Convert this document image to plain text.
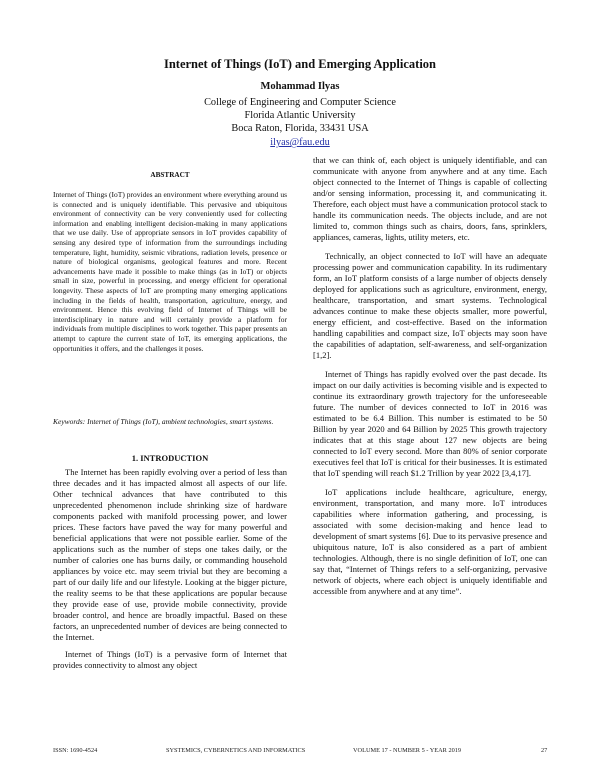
Internet of Things (IoT) and Emerging Application
Mohammad Ilyas
College of Engineering and Computer Science
Florida Atlantic University
Boca Raton, Florida, 33431 USA
ilyas@fau.edu
ABSTRACT
Internet of Things (IoT) provides an environment where everything around us is connected and is uniquely identifiable. This pervasive and ubiquitous environment of connectivity can be very conveniently used for collecting information and enabling intelligent decision-making in many applications that we use daily. Use of appropriate sensors in IoT provides capability of sensing any desired type of information from the surroundings including temperature, light, humidity, seismic vibrations, radiation levels, presence or nature of biological organisms, geological features and more. Recent advancements have made it possible to make things (as in IoT) or objects small in size, powerful in processing, and energy efficient for operational longevity. These aspects of IoT are prompting many emerging applications including in the fields of health, transportation, agriculture, energy, and environment. Hence this evolving field of Internet of Things will be interdisciplinary in nature and will certainly provide a platform for individuals from multiple disciplines to work together. This paper presents an attempt to capture the current state of IoT, its emerging applications, the opportunities it offers, and the challenges it poses.
Keywords: Internet of Things (IoT), ambient technologies, smart systems.
1. INTRODUCTION

The Internet has been rapidly evolving over a period of less than three decades and it has impacted almost all aspects of our life. Other technical advances that have contributed to this unprecedented phenomenon include shrinking size of hardware components packed with manifold processing power, and lower prices. These factors have paved the way for many powerful and beneficial applications that were not possible earlier. Some of the applications such as the number of steps one takes daily, or the number of calories one has burns daily, or commanding household appliances by voice etc. may seem trivial but they are becoming a part of our daily life and our lifestyle. Looking at the bigger picture, the reality seems to be that these applications are popular because they provide ease of use, provide mobile connectivity, provide broader control, and hence are broadly impactful. Based on these factors, an unprecedented number of devices are being connected to the Internet.

Internet of Things (IoT) is a pervasive form of Internet that provides connectivity to almost any object

that we can think of, each object is uniquely identifiable, and can communicate with anyone from anywhere and at any time. Each object connected to the Internet of Things is capable of collecting and/or sensing information, processing it, and communicating it. Therefore, each object must have a communication protocol stack to handle its communication needs. The objects include, and are not limited to, common things such as chairs, doors, fans, sprinklers, appliances, cameras, lights, utility meters, etc.

Technically, an object connected to IoT will have an adequate processing power and communication capability. In its rudimentary form, an IoT platform consists of a large number of objects densely deployed for applications such as agriculture, environment, energy, healthcare, transportation, and smart systems. Technological advances continue to make these objects smaller, more powerful, energy efficient, and cost-effective. Based on the information handling capabilities and compact size, IoT objects may soon have the capabilities of adaptation, self-awareness, and self-organization [1,2].

Internet of Things has rapidly evolved over the past decade. Its impact on our daily activities is becoming visible and is expected to continue its extraordinary growth trajectory for the unforeseeable future. The number of devices connected to IoT in 2016 was estimated to be 6.4 Billion. This number is estimated to be 50 Billion by year 2020 and 64 Billion by 2025 This growth trajectory indicates that at this stage about 127 new objects are being connected to IoT every second. More than 80% of senior corporate executives feel that IoT is critical for their businesses. It is estimated that IoT spending will reach $1.2 Trillion by year 2022 [3,4,17].

IoT applications include healthcare, agriculture, energy, environment, transportation, and many more. IoT introduces capabilities where information gathering, and processing, is associated with some decision-making and hence lead to development of smart systems [6]. Due to its pervasive presence and ubiquitous nature, IoT is also considered as a part of ambient technologies. Although, there is no single definition of IoT, one can say that, “Internet of Things refers to a self-organizing, pervasive network of objects, where each object is uniquely identifiable and accessible from anywhere and at any time”.

ISSN: 1690-4524	SYSTEMICS, CYBERNETICS AND INFORMATICS	VOLUME 17 - NUMBER 5 - YEAR 2019	27
